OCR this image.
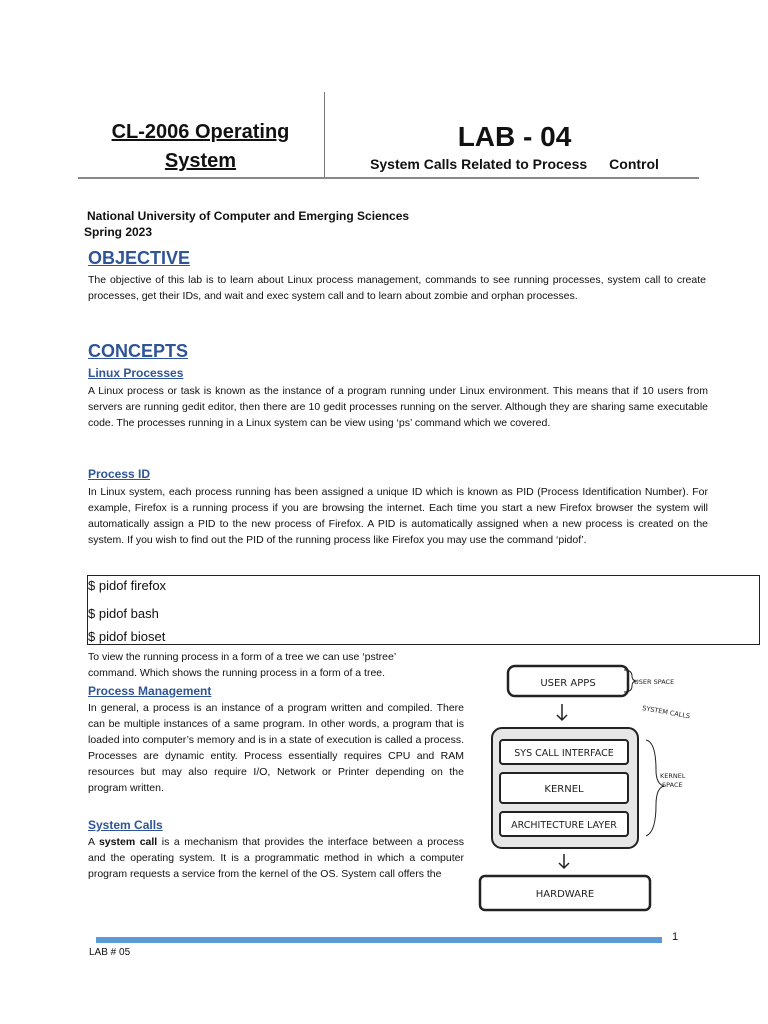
CL-2006 Operating
System
LAB - 04
System Calls Related to Process Control
National University of Computer and Emerging Sciences
Spring 2023
OBJECTIVE
The objective of this lab is to learn about Linux process management, commands to see running processes, system call to create processes, get their IDs, and wait and exec system call and to learn about zombie and orphan processes.
CONCEPTS
Linux Processes
A Linux process or task is known as the instance of a program running under Linux environment. This means that if 10 users from servers are running gedit editor, then there are 10 gedit processes running on the server. Although they are sharing same executable code. The processes running in a Linux system can be view using ‘ps’ command which we covered.
Process ID
In Linux system, each process running has been assigned a unique ID which is known as PID (Process Identification Number). For example, Firefox is a running process if you are browsing the internet. Each time you start a new Firefox browser the system will automatically assign a PID to the new process of Firefox. A PID is automatically assigned when a new process is created on the system. If you wish to find out the PID of the running process like Firefox you may use the command ‘pidof’.
$ pidof firefox
$ pidof bash
$ pidof bioset
To view the running process in a form of a tree we can use ‘pstree’ command. Which shows the running process in a form of a tree.
Process Management
In general, a process is an instance of a program written and compiled. There can be multiple instances of a same program. In other words, a program that is loaded into computer’s memory and is in a state of execution is called a process. Processes are dynamic entity. Process essentially requires CPU and RAM resources but may also require I/O, Network or Printer depending on the program written.
System Calls
A system call is a mechanism that provides the interface between a process and the operating system. It is a programmatic method in which a computer program requests a service from the kernel of the OS. System call offers the
USER APPS	USER SPACE
SYSTEM CALLS
SYS CALL INTERFACE
KERNEL
ARCHITECTURE LAYER
KERNEL
SPACE
HARDWARE
1
LAB # 05
